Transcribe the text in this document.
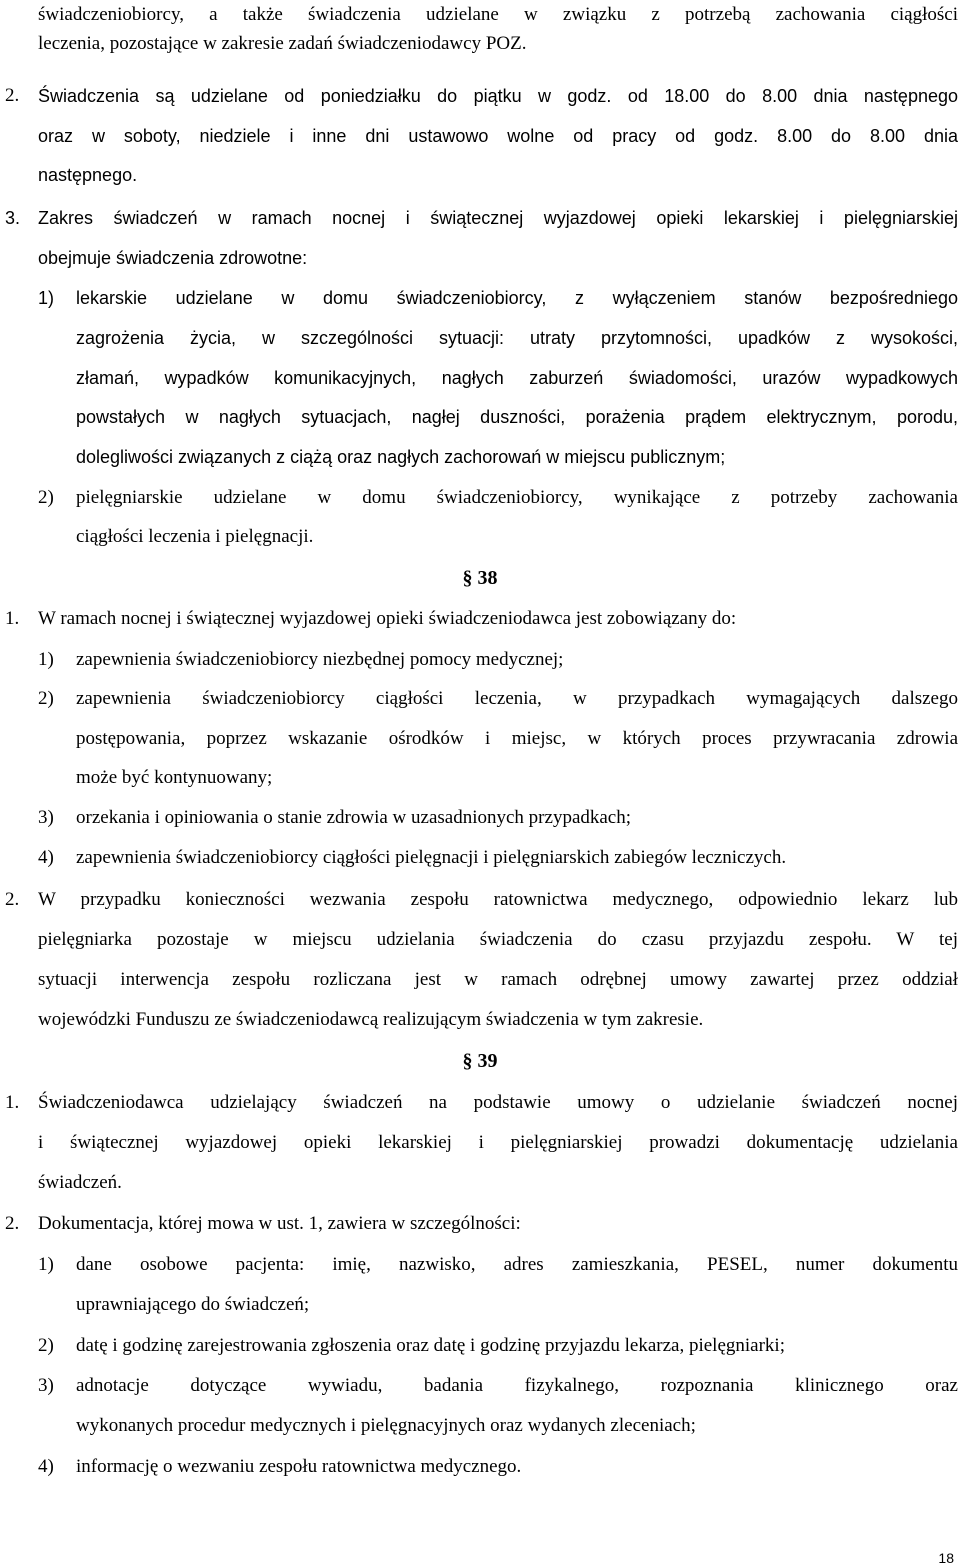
świadczeniobiorcy, a także świadczenia udzielane w związku z potrzebą zachowania ciągłości
leczenia, pozostające w zakresie zadań świadczeniodawcy POZ.
2. Świadczenia są udzielane od poniedziałku do piątku w godz. od 18.00 do 8.00 dnia następnego
oraz w soboty, niedziele i inne dni ustawowo wolne od pracy od godz. 8.00 do 8.00 dnia
następnego.
3. Zakres świadczeń w ramach nocnej i świątecznej wyjazdowej opieki lekarskiej i pielęgniarskiej
obejmuje świadczenia zdrowotne:
1) lekarskie udzielane w domu świadczeniobiorcy, z wyłączeniem stanów bezpośredniego
zagrożenia życia, w szczególności sytuacji: utraty przytomności, upadków z wysokości,
złamań, wypadków komunikacyjnych, nagłych zaburzeń świadomości, urazów wypadkowych
powstałych w nagłych sytuacjach, nagłej duszności, porażenia prądem elektrycznym, porodu,
dolegliwości związanych z ciążą oraz nagłych zachorowań w miejscu publicznym;
2) pielęgniarskie udzielane w domu świadczeniobiorcy, wynikające z potrzeby zachowania
ciągłości leczenia i pielęgnacji.
§ 38
1. W ramach nocnej i świątecznej wyjazdowej opieki świadczeniodawca jest zobowiązany do:
1) zapewnienia świadczeniobiorcy niezbędnej pomocy medycznej;
2) zapewnienia świadczeniobiorcy ciągłości leczenia, w przypadkach wymagających dalszego
postępowania, poprzez wskazanie ośrodków i miejsc, w których proces przywracania zdrowia
może być kontynuowany;
3) orzekania i opiniowania o stanie zdrowia w uzasadnionych przypadkach;
4) zapewnienia świadczeniobiorcy ciągłości pielęgnacji i pielęgniarskich zabiegów leczniczych.
2. W przypadku konieczności wezwania zespołu ratownictwa medycznego, odpowiednio lekarz lub
pielęgniarka pozostaje w miejscu udzielania świadczenia do czasu przyjazdu zespołu. W tej
sytuacji interwencja zespołu rozliczana jest w ramach odrębnej umowy zawartej przez oddział
wojewódzki Funduszu ze świadczeniodawcą realizującym świadczenia w tym zakresie.
§ 39
1. Świadczeniodawca udzielający świadczeń na podstawie umowy o udzielanie świadczeń nocnej
i świątecznej wyjazdowej opieki lekarskiej i pielęgniarskiej prowadzi dokumentację udzielania
świadczeń.
2. Dokumentacja, której mowa w ust. 1, zawiera w szczególności:
1) dane osobowe pacjenta: imię, nazwisko, adres zamieszkania, PESEL, numer dokumentu
uprawniającego do świadczeń;
2) datę i godzinę zarejestrowania zgłoszenia oraz datę i godzinę przyjazdu lekarza, pielęgniarki;
3) adnotacje dotyczące wywiadu, badania fizykalnego, rozpoznania klinicznego oraz
wykonanych procedur medycznych i pielęgnacyjnych oraz wydanych zleceniach;
4) informację o wezwaniu zespołu ratownictwa medycznego.
18
